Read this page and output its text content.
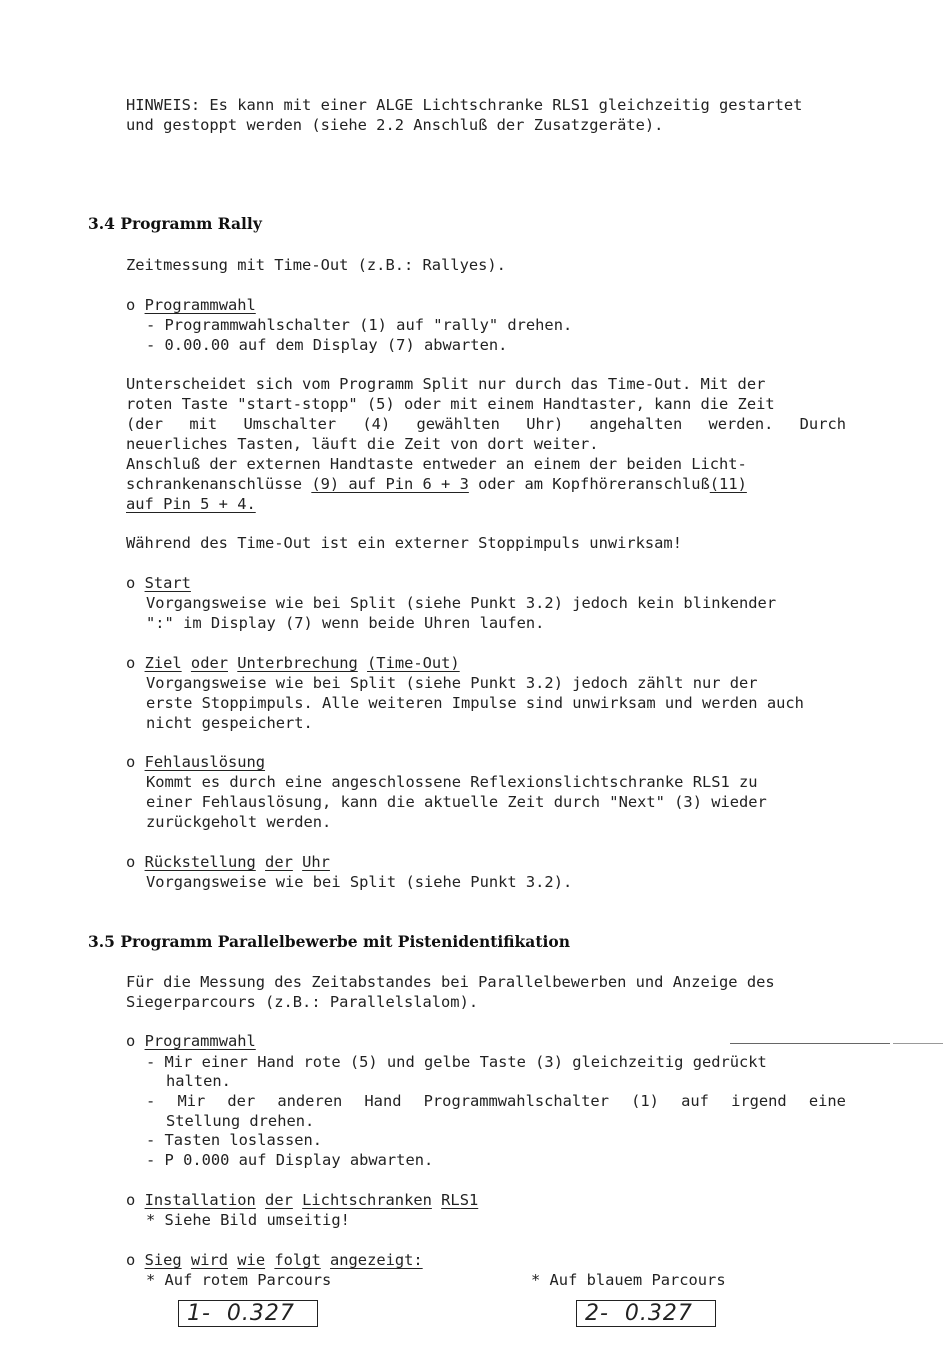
HINWEIS: Es kann mit einer ALGE Lichtschranke RLS1 gleichzeitig gestartet
und gestoppt werden (siehe 2.2 Anschluß der Zusatzgeräte).
3.4 Programm Rally
Zeitmessung mit Time-Out (z.B.: Rallyes).
o Programmwahl
- Programmwahlschalter (1) auf "rally" drehen.
- 0.00.00 auf dem Display (7) abwarten.
Unterscheidet sich vom Programm Split nur durch das Time-Out. Mit der
roten Taste "start-stopp" (5) oder mit einem Handtaster, kann die Zeit
(der mit Umschalter (4) gewählten Uhr) angehalten werden. Durch
neuerliches Tasten, läuft die Zeit von dort weiter.
Anschluß der externen Handtaste entweder an einem der beiden Licht-
schrankenanschlüsse (9) auf Pin 6 + 3 oder am Kopfhöreranschluß(11)
auf Pin 5 + 4.
Während des Time-Out ist ein externer Stoppimpuls unwirksam!
o Start
Vorgangsweise wie bei Split (siehe Punkt 3.2) jedoch kein blinkender
":" im Display (7) wenn beide Uhren laufen.
o Ziel oder Unterbrechung (Time-Out)
Vorgangsweise wie bei Split (siehe Punkt 3.2) jedoch zählt nur der
erste Stoppimpuls. Alle weiteren Impulse sind unwirksam und werden auch
nicht gespeichert.
o Fehlauslösung
Kommt es durch eine angeschlossene Reflexionslichtschranke RLS1 zu
einer Fehlauslösung, kann die aktuelle Zeit durch "Next" (3) wieder
zurückgeholt werden.
o Rückstellung der Uhr
Vorgangsweise wie bei Split (siehe Punkt 3.2).
3.5 Programm Parallelbewerbe mit Pistenidentifikation
Für die Messung des Zeitabstandes bei Parallelbewerben und Anzeige des
Siegerparcours (z.B.: Parallelslalom).
o Programmwahl
- Mir einer Hand rote (5) und gelbe Taste (3) gleichzeitig gedrückt
halten.
- Mir der anderen Hand Programmwahlschalter (1) auf irgend eine
Stellung drehen.
- Tasten loslassen.
- P 0.000 auf Display abwarten.
o Installation der Lichtschranken RLS1
* Siehe Bild umseitig!
o Sieg wird wie folgt angezeigt:
* Auf rotem Parcours	* Auf blauem Parcours
1-  0.327	2-  0.327
